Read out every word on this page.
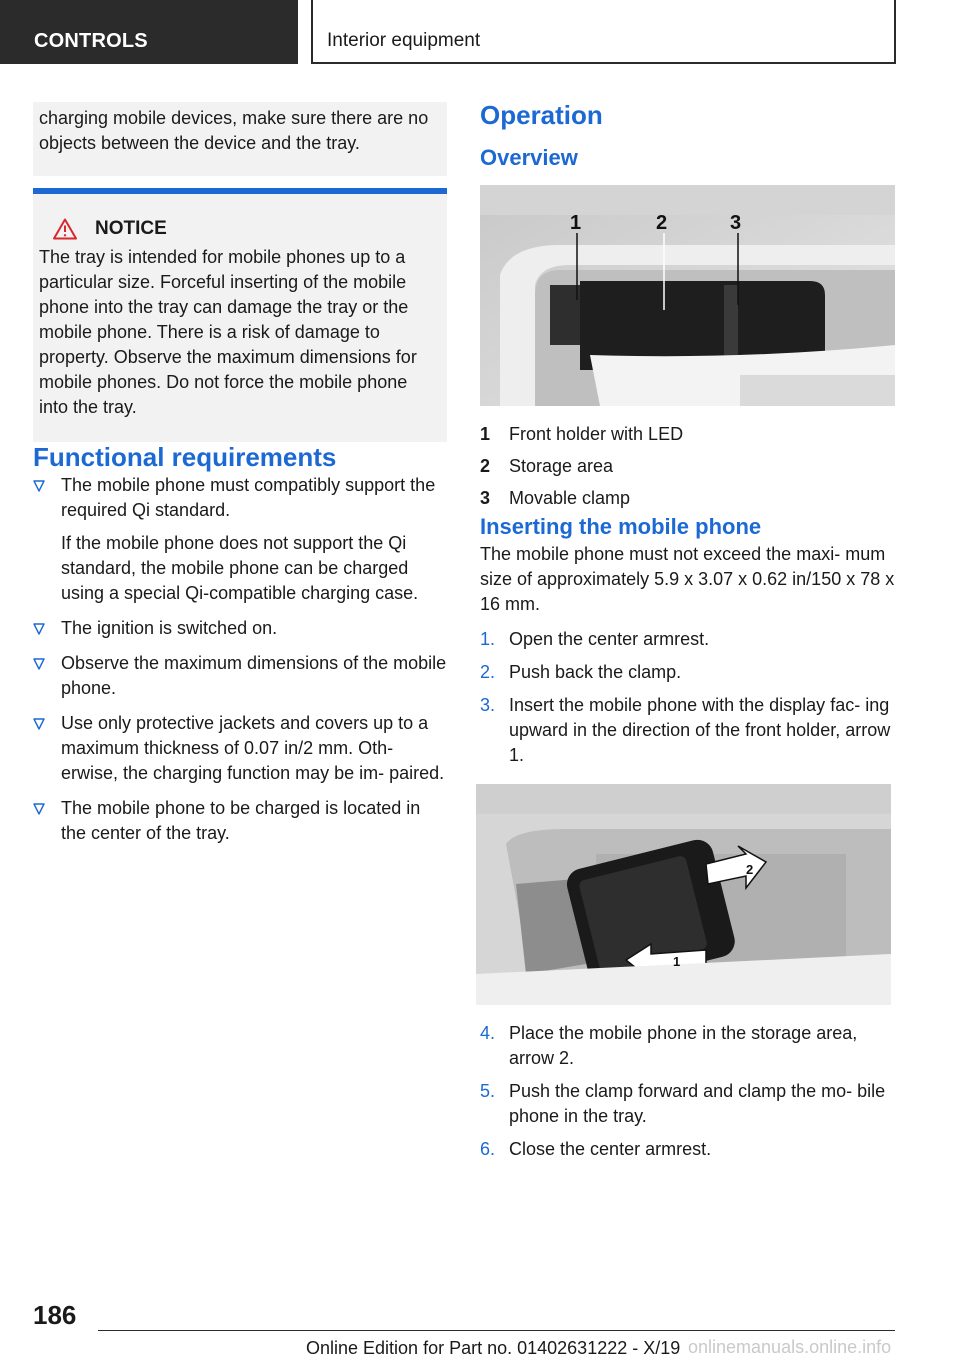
CONTROLS	Interior equipment
charging mobile devices, make sure there are no objects between the device and the tray.
NOTICE
The tray is intended for mobile phones up to a particular size. Forceful inserting of the mobile phone into the tray can damage the tray or the mobile phone. There is a risk of damage to property. Observe the maximum dimensions for mobile phones. Do not force the mobile phone into the tray.
Functional requirements

The mobile phone must compatibly support the required Qi standard.

If the mobile phone does not support the Qi standard, the mobile phone can be charged using a special Qi-compatible charging case.

The ignition is switched on.

Observe the maximum dimensions of the mobile phone.

Use only protective jackets and covers up to a maximum thickness of 0.07 in/2 mm. Oth‐ erwise, the charging function may be im‐ paired.

The mobile phone to be charged is located in the center of the tray.

Operation
Overview
1	2	3
1	Front holder with LED
2	Storage area
3	Movable clamp
Inserting the mobile phone

The mobile phone must not exceed the maxi‐ mum size of approximately 5.9 x 3.07 x 0.62 in/150 x 78 x 16 mm.

1. Open the center armrest.
2. Push back the clamp.
3. Insert the mobile phone with the display fac‐ ing upward in the direction of the front holder, arrow 1.
1
2
4. Place the mobile phone in the storage area, arrow 2.
5. Push the clamp forward and clamp the mo‐ bile phone in the tray.
6. Close the center armrest.
186
Online Edition for Part no. 01402631222 - X/19 onlinemanuals.online.info
